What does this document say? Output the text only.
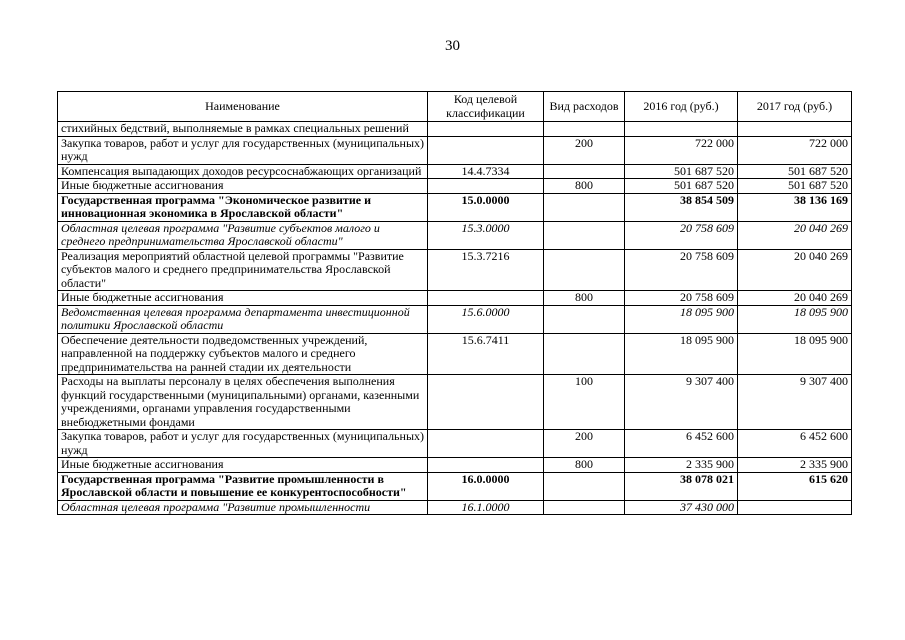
30
Наименование	Код целевой классификации	Вид расходов	2016 год (руб.)	2017 год (руб.)
стихийных бедствий, выполняемые в рамках специальных решений				
Закупка товаров, работ и услуг для государственных (муниципальных) нужд		200	722 000	722 000
Компенсация выпадающих доходов ресурсоснабжающих организаций	14.4.7334		501 687 520	501 687 520
Иные бюджетные ассигнования		800	501 687 520	501 687 520
Государственная программа "Экономическое развитие и инновационная экономика в Ярославской области"	15.0.0000		38 854 509	38 136 169
Областная целевая программа "Развитие субъектов малого и среднего предпринимательства Ярославской области"	15.3.0000		20 758 609	20 040 269
Реализация мероприятий областной целевой программы "Развитие субъектов малого и среднего предпринимательства Ярославской области"	15.3.7216		20 758 609	20 040 269
Иные бюджетные ассигнования		800	20 758 609	20 040 269
Ведомственная целевая программа департамента инвестиционной политики Ярославской области	15.6.0000		18 095 900	18 095 900
Обеспечение деятельности подведомственных учреждений, направленной на поддержку субъектов малого и среднего предпринимательства на ранней стадии их деятельности	15.6.7411		18 095 900	18 095 900
Расходы на выплаты персоналу в целях обеспечения выполнения функций государственными (муниципальными) органами, казенными учреждениями, органами управления государственными внебюджетными фондами		100	9 307 400	9 307 400
Закупка товаров, работ и услуг для государственных (муниципальных) нужд		200	6 452 600	6 452 600
Иные бюджетные ассигнования		800	2 335 900	2 335 900
Государственная программа "Развитие промышленности в Ярославской области и повышение ее конкурентоспособности"	16.0.0000		38 078 021	615 620
Областная целевая программа "Развитие промышленности	16.1.0000		37 430 000	
